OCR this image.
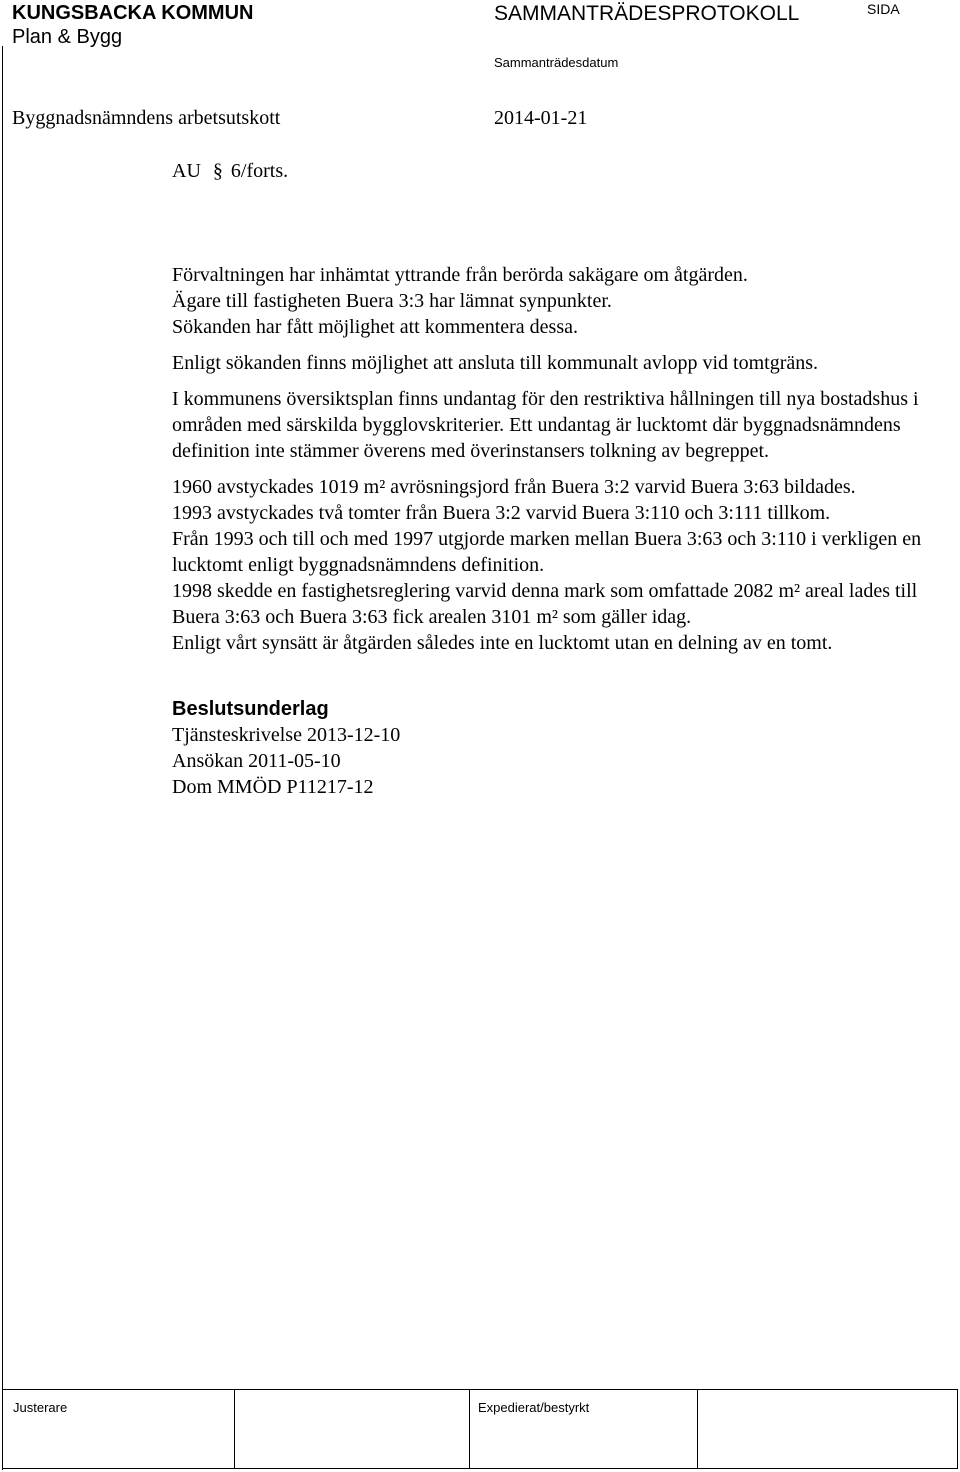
KUNGSBACKA KOMMUN
Plan & Bygg
SAMMANTRÄDESPROTOKOLL	SIDA
Sammanträdesdatum
Byggnadsnämndens arbetsutskott	2014-01-21
AU § 6/forts.

Förvaltningen har inhämtat yttrande från berörda sakägare om åtgärden.

Ägare till fastigheten Buera 3:3 har lämnat synpunkter.

Sökanden har fått möjlighet att kommentera dessa.

Enligt sökanden finns möjlighet att ansluta till kommunalt avlopp vid tomtgräns.

I kommunens översiktsplan finns undantag för den restriktiva hållningen till nya bostadshus i områden med särskilda bygglovskriterier. Ett undantag är lucktomt där byggnadsnämndens definition inte stämmer överens med överinstansers tolkning av begreppet.

1960 avstyckades 1019 m² avrösningsjord från Buera 3:2 varvid Buera 3:63 bildades.

1993 avstyckades två tomter från Buera 3:2 varvid Buera 3:110 och 3:111 tillkom.

Från 1993 och till och med 1997 utgjorde marken mellan Buera 3:63 och 3:110 i verkligen en lucktomt enligt byggnadsnämndens definition.

1998 skedde en fastighetsreglering varvid denna mark som omfattade 2082 m² areal lades till Buera 3:63 och Buera 3:63 fick arealen 3101 m² som gäller idag.

Enligt vårt synsätt är åtgärden således inte en lucktomt utan en delning av en tomt.

Beslutsunderlag

Tjänsteskrivelse 2013-12-10

Ansökan 2011-05-10

Dom MMÖD P11217-12

Justerare	Expedierat/bestyrkt
